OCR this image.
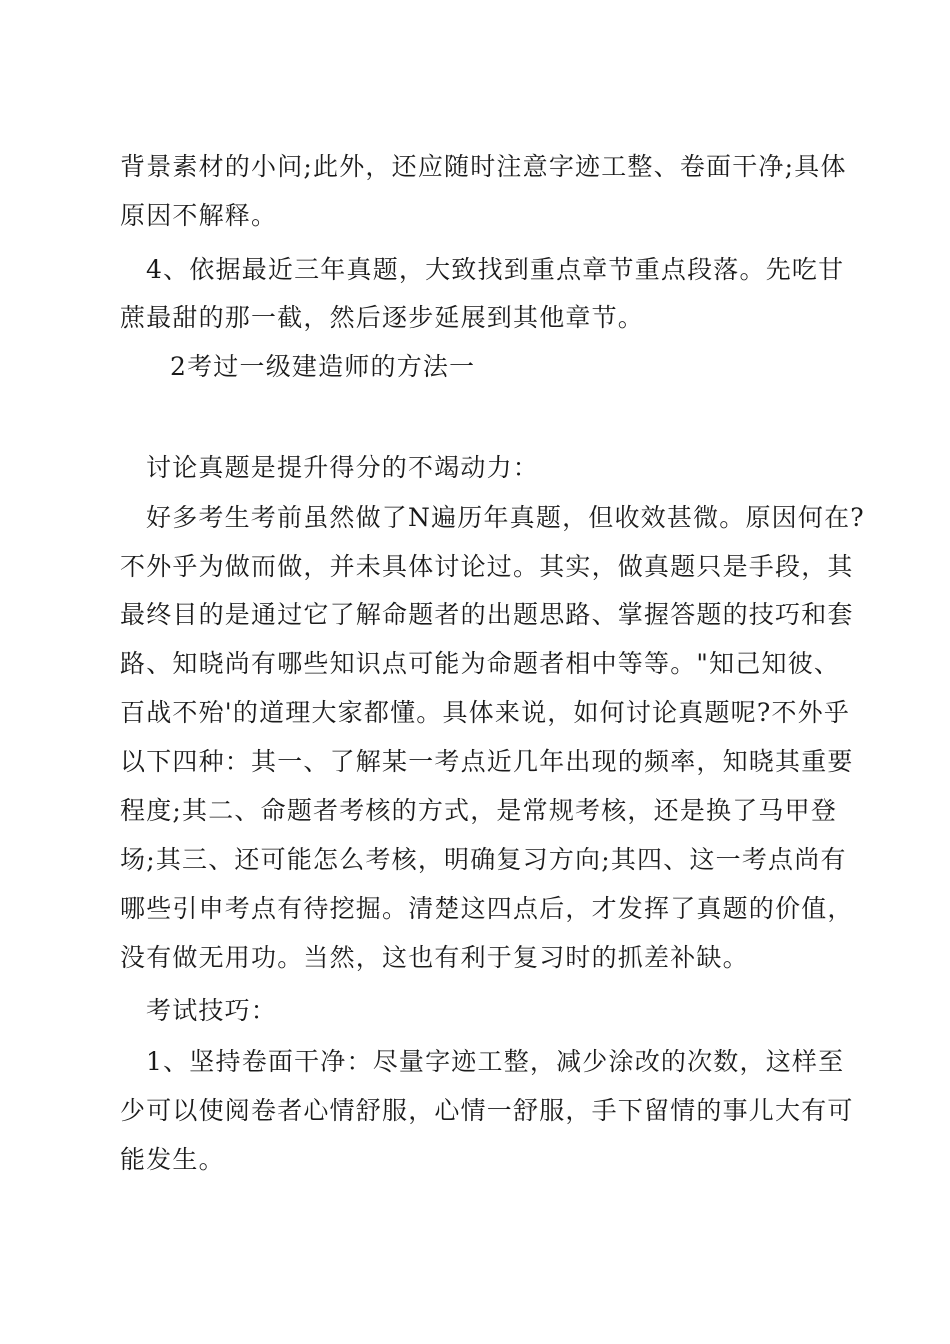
背景素材的小问;此外，还应随时注意字迹工整、卷面干净;具体
原因不解释。
4、依据最近三年真题，大致找到重点章节重点段落。先吃甘
蔗最甜的那一截，然后逐步延展到其他章节。
2考过一级建造师的方法一
讨论真题是提升得分的不竭动力：
好多考生考前虽然做了N遍历年真题，但收效甚微。原因何在?
不外乎为做而做，并未具体讨论过。其实，做真题只是手段，其
最终目的是通过它了解命题者的出题思路、掌握答题的技巧和套
路、知晓尚有哪些知识点可能为命题者相中等等。"知己知彼、
百战不殆'的道理大家都懂。具体来说，如何讨论真题呢?不外乎
以下四种：其一、了解某一考点近几年出现的频率，知晓其重要
程度;其二、命题者考核的方式，是常规考核，还是换了马甲登
场;其三、还可能怎么考核，明确复习方向;其四、这一考点尚有
哪些引申考点有待挖掘。清楚这四点后，才发挥了真题的价值，
没有做无用功。当然，这也有利于复习时的抓差补缺。
考试技巧：
1、坚持卷面干净：尽量字迹工整，减少涂改的次数，这样至
少可以使阅卷者心情舒服，心情一舒服，手下留情的事儿大有可
能发生。
